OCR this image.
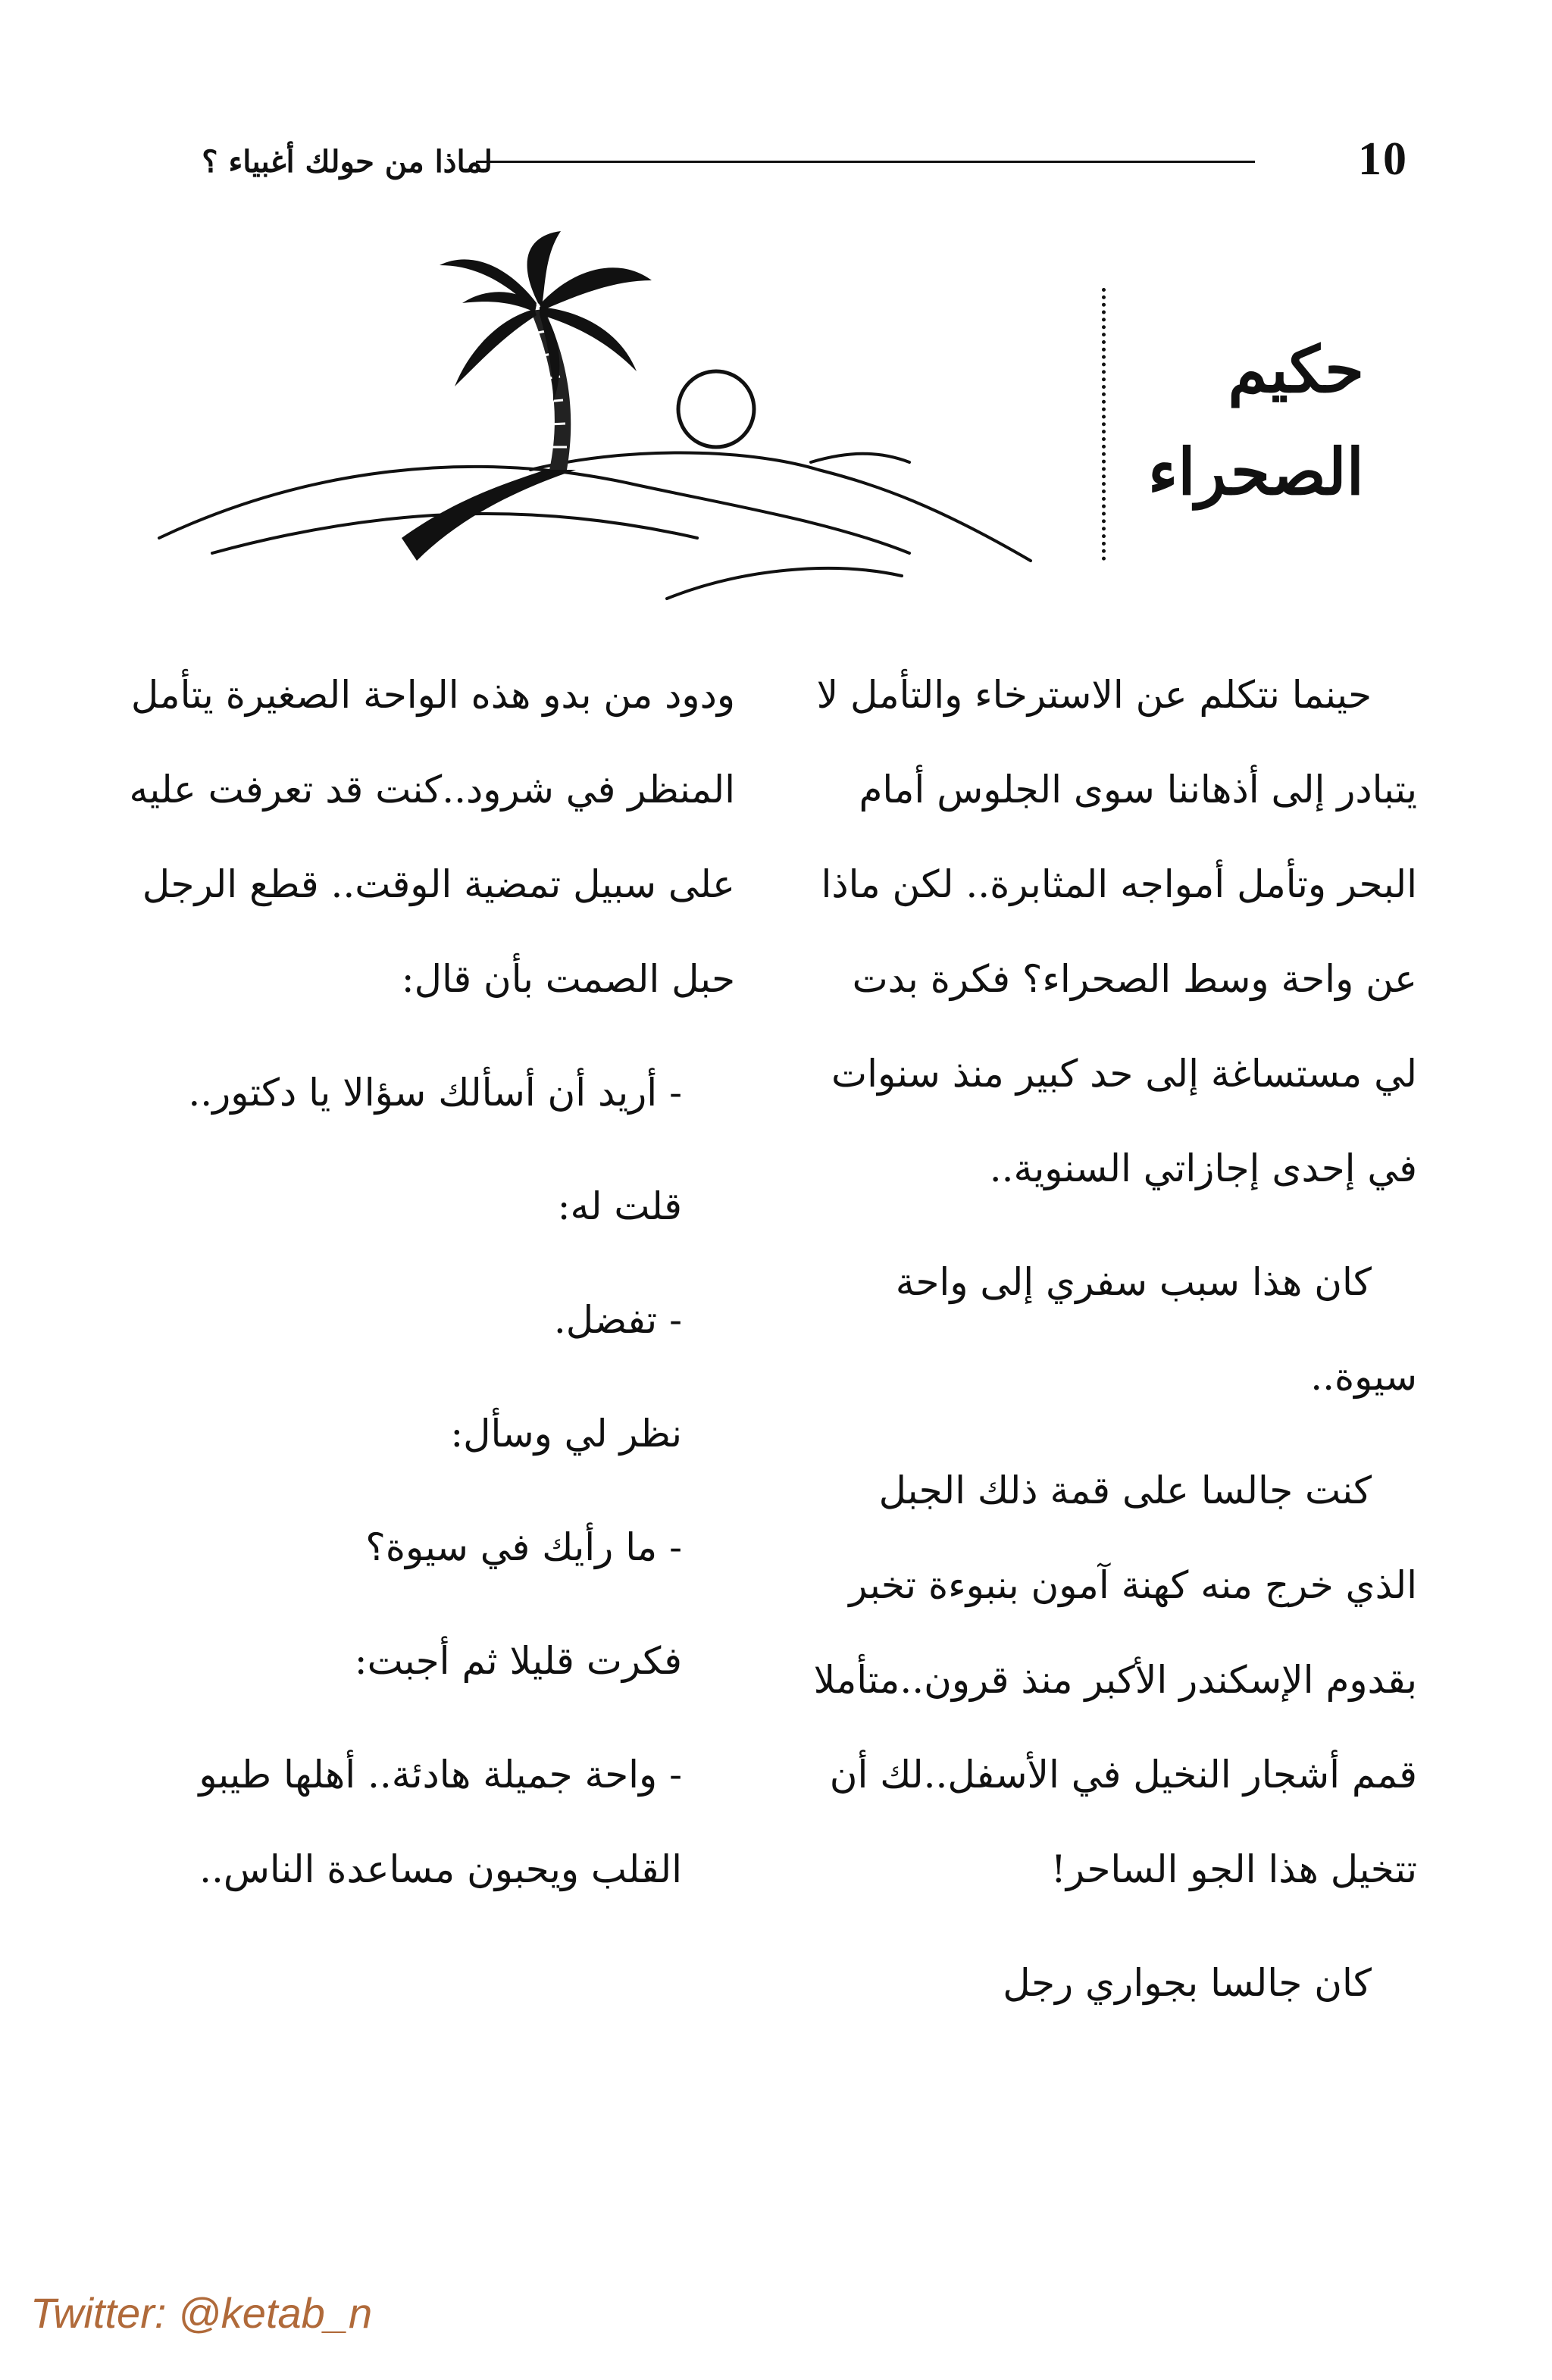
10
لماذا من حولك أغبياء ؟
حكيم
الصحراء

حينما نتكلم عن الاسترخاء والتأمل لا يتبادر إلى أذهاننا سوى الجلوس أمام البحر وتأمل أمواجه المثابرة.. لكن ماذا عن واحة وسط الصحراء؟ فكرة بدت لي مستساغة إلى حد كبير منذ سنوات في إحدى إجازاتي السنوية..

كان هذا سبب سفري إلى واحة سيوة..

كنت جالسا على قمة ذلك الجبل الذي خرج منه كهنة آمون بنبوءة تخبر بقدوم الإسكندر الأكبر منذ قرون..متأملا قمم أشجار النخيل في الأسفل..لك أن تتخيل هذا الجو الساحر!

كان جالسا بجواري رجل

ودود من بدو هذه الواحة الصغيرة يتأمل المنظر في شرود..كنت قد تعرفت عليه على سبيل تمضية الوقت.. قطع الرجل حبل الصمت بأن قال:

- أريد أن أسألك سؤالا يا دكتور..

قلت له:

- تفضل.

نظر لي وسأل:

- ما رأيك في سيوة؟

فكرت قليلا ثم أجبت:

- واحة جميلة هادئة.. أهلها طيبو القلب ويحبون مساعدة الناس..

Twitter: @ketab_n
